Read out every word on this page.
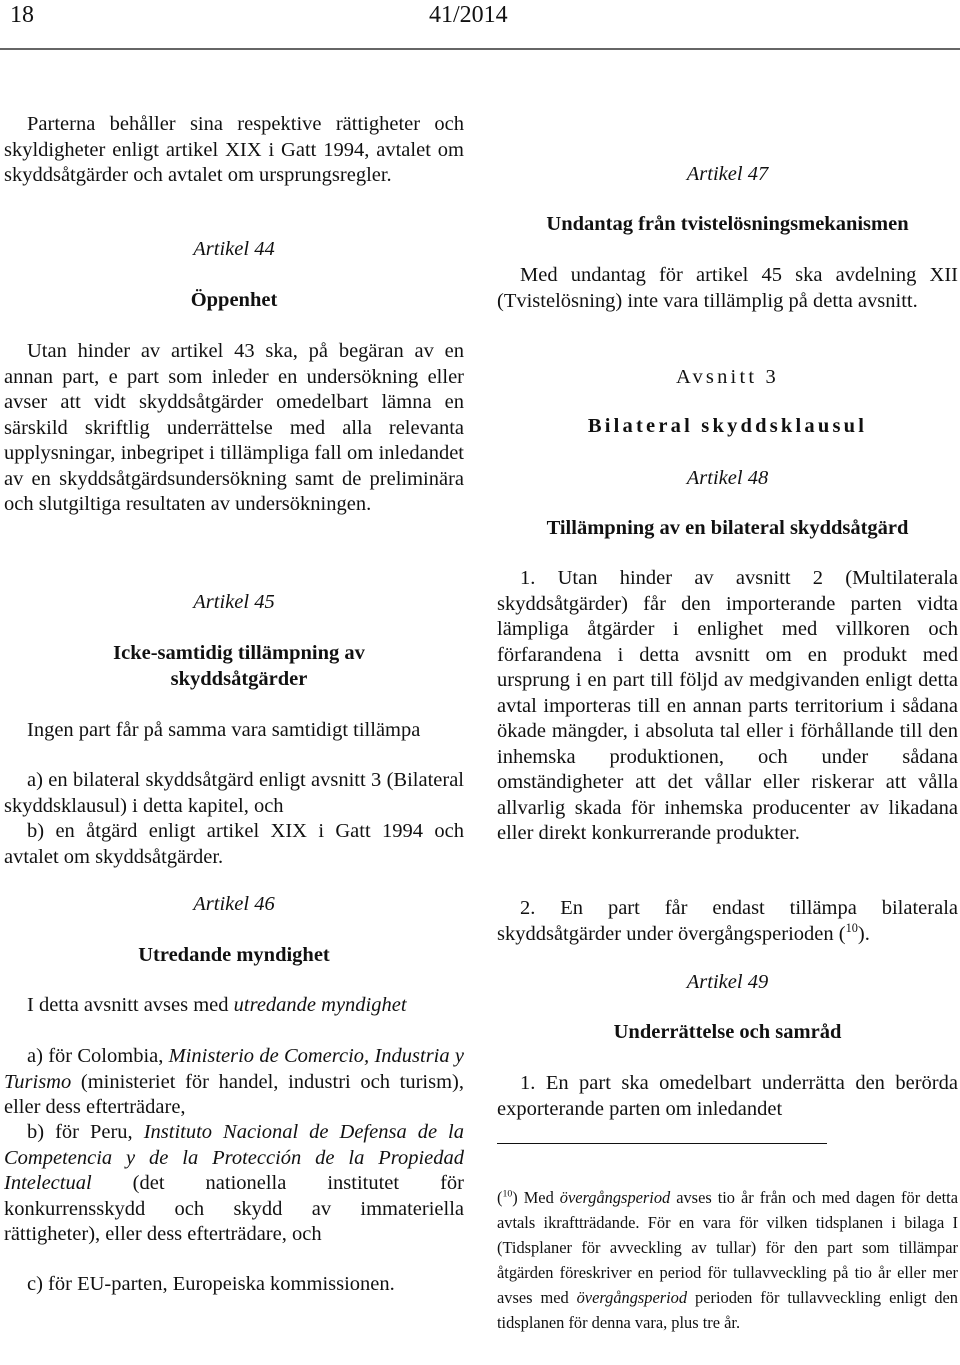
18	41/2014

Parterna behåller sina respektive rättigheter och skyldigheter enligt artikel XIX i Gatt 1994, avtalet om skyddsåtgärder och avtalet om ursprungsregler.

Artikel 44

Öppenhet

Utan hinder av artikel 43 ska, på begäran av en annan part, e part som inleder en undersökning eller avser att vidt skyddsåtgärder omedelbart lämna en särskild skriftlig underrättelse med alla relevanta upplysningar, inbegripet i tillämpliga fall om inledandet av en skyddsåtgärdsundersökning samt de preliminära och slutgiltiga resultaten av undersökningen.

Artikel 45

Icke-samtidig tillämpning av skyddsåtgärder

Ingen part får på samma vara samtidigt tillämpa

a) en bilateral skyddsåtgärd enligt avsnitt 3 (Bilateral skyddsklausul) i detta kapitel, och

b) en åtgärd enligt artikel XIX i Gatt 1994 och avtalet om skyddsåtgärder.

Artikel 46

Utredande myndighet

I detta avsnitt avses med utredande myndighet

a) för Colombia, Ministerio de Comercio, Industria y Turismo (ministeriet för handel, industri och turism), eller dess efterträdare,

b) för Peru, Instituto Nacional de Defensa de la Competencia y de la Protección de la Propiedad Intelectual (det nationella institutet för konkurrensskydd och skydd av immateriella rättigheter), eller dess efterträdare, och

c) för EU-parten, Europeiska kommissionen.

Artikel 47

Undantag från tvistelösningsmekanismen

Med undantag för artikel 45 ska avdelning XII (Tvistelösning) inte vara tillämplig på detta avsnitt.

Avsnitt 3

Bilateral skyddsklausul

Artikel 48

Tillämpning av en bilateral skyddsåtgärd

1. Utan hinder av avsnitt 2 (Multilaterala skyddsåtgärder) får den importerande parten vidta lämpliga åtgärder i enlighet med villkoren och förfarandena i detta avsnitt om en produkt med ursprung i en part till följd av medgivanden enligt detta avtal importeras till en annan parts territorium i sådana ökade mängder, i absoluta tal eller i förhållande till den inhemska produktionen, och under sådana omständigheter att det vållar eller riskerar att vålla allvarlig skada för inhemska producenter av likadana eller direkt konkurrerande produkter.

2. En part får endast tillämpa bilaterala skyddsåtgärder under övergångsperioden ($^{10}$).

Artikel 49

Underrättelse och samråd

1. En part ska omedelbart underrätta den berörda exporterande parten om inledandet

($^{10}$) Med övergångsperiod avses tio år från och med dagen för detta avtals ikraftträdande. För en vara för vilken tidsplanen i bilaga I (Tidsplaner för avveckling av tullar) för den part som tillämpar åtgärden föreskriver en period för tullavveckling på tio år eller mer avses med övergångsperiod perioden för tullavveckling enligt den tidsplanen för denna vara, plus tre år.
